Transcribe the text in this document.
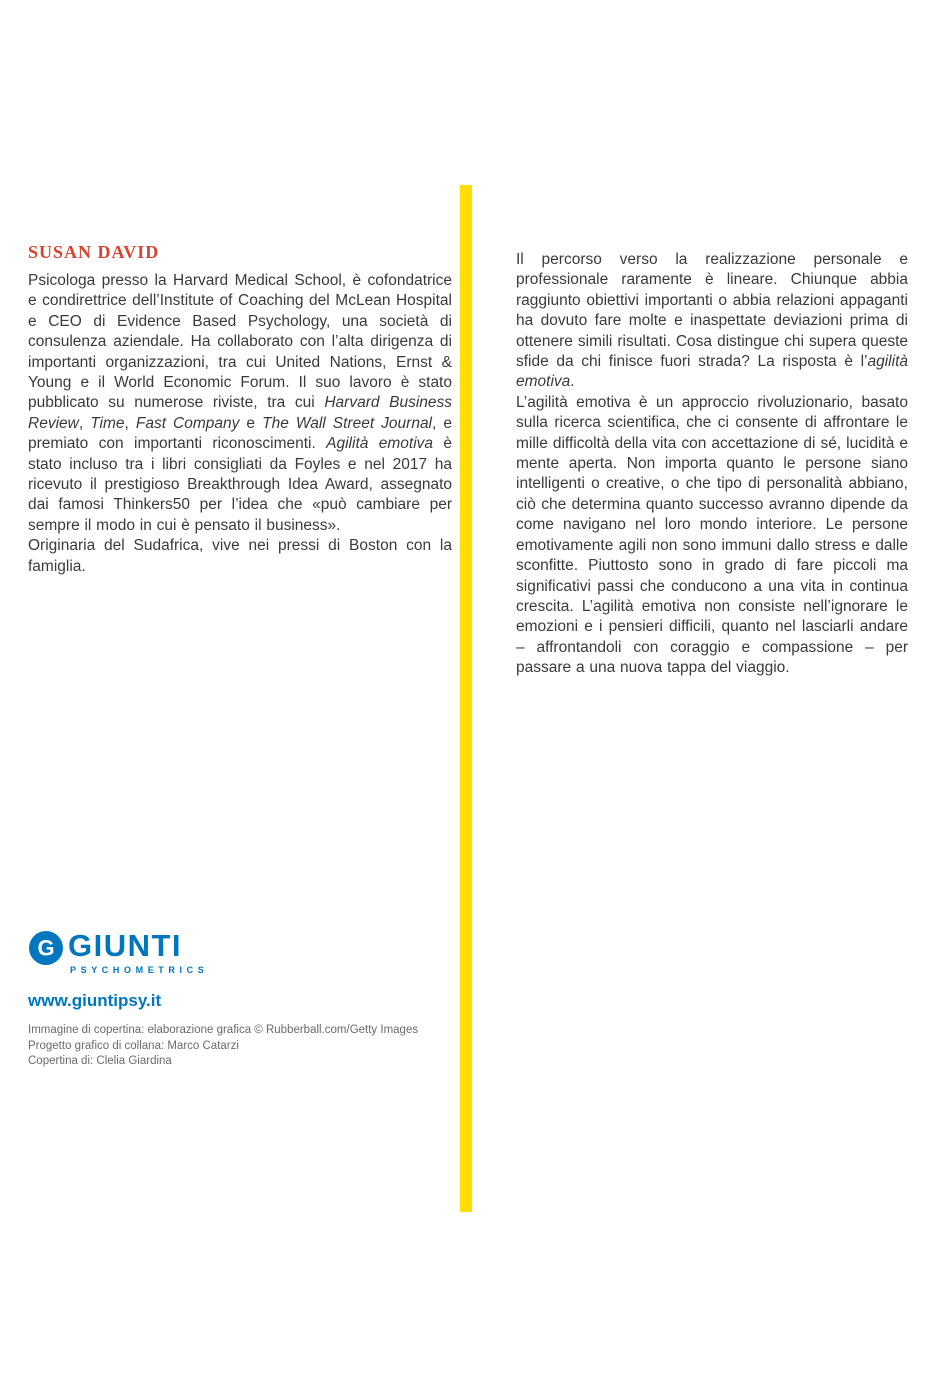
SUSAN DAVID

Psicologa presso la Harvard Medical School, è cofondatrice e condirettrice dell’Institute of Coaching del McLean Hospital e CEO di Evidence Based Psychology, una società di consulenza aziendale. Ha collaborato con l’alta dirigenza di importanti organizzazioni, tra cui United Nations, Ernst & Young e il World Economic Forum. Il suo lavoro è stato pubblicato su numerose riviste, tra cui Harvard Business Review, Time, Fast Company e The Wall Street Journal, e premiato con importanti riconoscimenti. Agilità emotiva è stato incluso tra i libri consigliati da Foyles e nel 2017 ha ricevuto il prestigioso Breakthrough Idea Award, assegnato dai famosi Thinkers50 per l’idea che «può cambiare per sempre il modo in cui è pensato il business».

Originaria del Sudafrica, vive nei pressi di Boston con la famiglia.

Il percorso verso la realizzazione personale e professionale raramente è lineare. Chiunque abbia raggiunto obiettivi importanti o abbia relazioni appaganti ha dovuto fare molte e inaspettate deviazioni prima di ottenere simili risultati. Cosa distingue chi supera queste sfide da chi finisce fuori strada? La risposta è l’agilità emotiva.

L’agilità emotiva è un approccio rivoluzionario, basato sulla ricerca scientifica, che ci consente di affrontare le mille difficoltà della vita con accettazione di sé, lucidità e mente aperta. Non importa quanto le persone siano intelligenti o creative, o che tipo di personalità abbiano, ciò che determina quanto successo avranno dipende da come navigano nel loro mondo interiore. Le persone emotivamente agili non sono immuni dallo stress e dalle sconfitte. Piuttosto sono in grado di fare piccoli ma significativi passi che conducono a una vita in continua crescita. L’agilità emotiva non consiste nell’ignorare le emozioni e i pensieri difficili, quanto nel lasciarli andare – affrontandoli con coraggio e compassione – per passare a una nuova tappa del viaggio.

G GIUNTI
PSYCHOMETRICS
www.giuntipsy.it
Immagine di copertina: elaborazione grafica © Rubberball.com/Getty Images
Progetto grafico di collana: Marco Catarzi
Copertina di: Clelia Giardina
